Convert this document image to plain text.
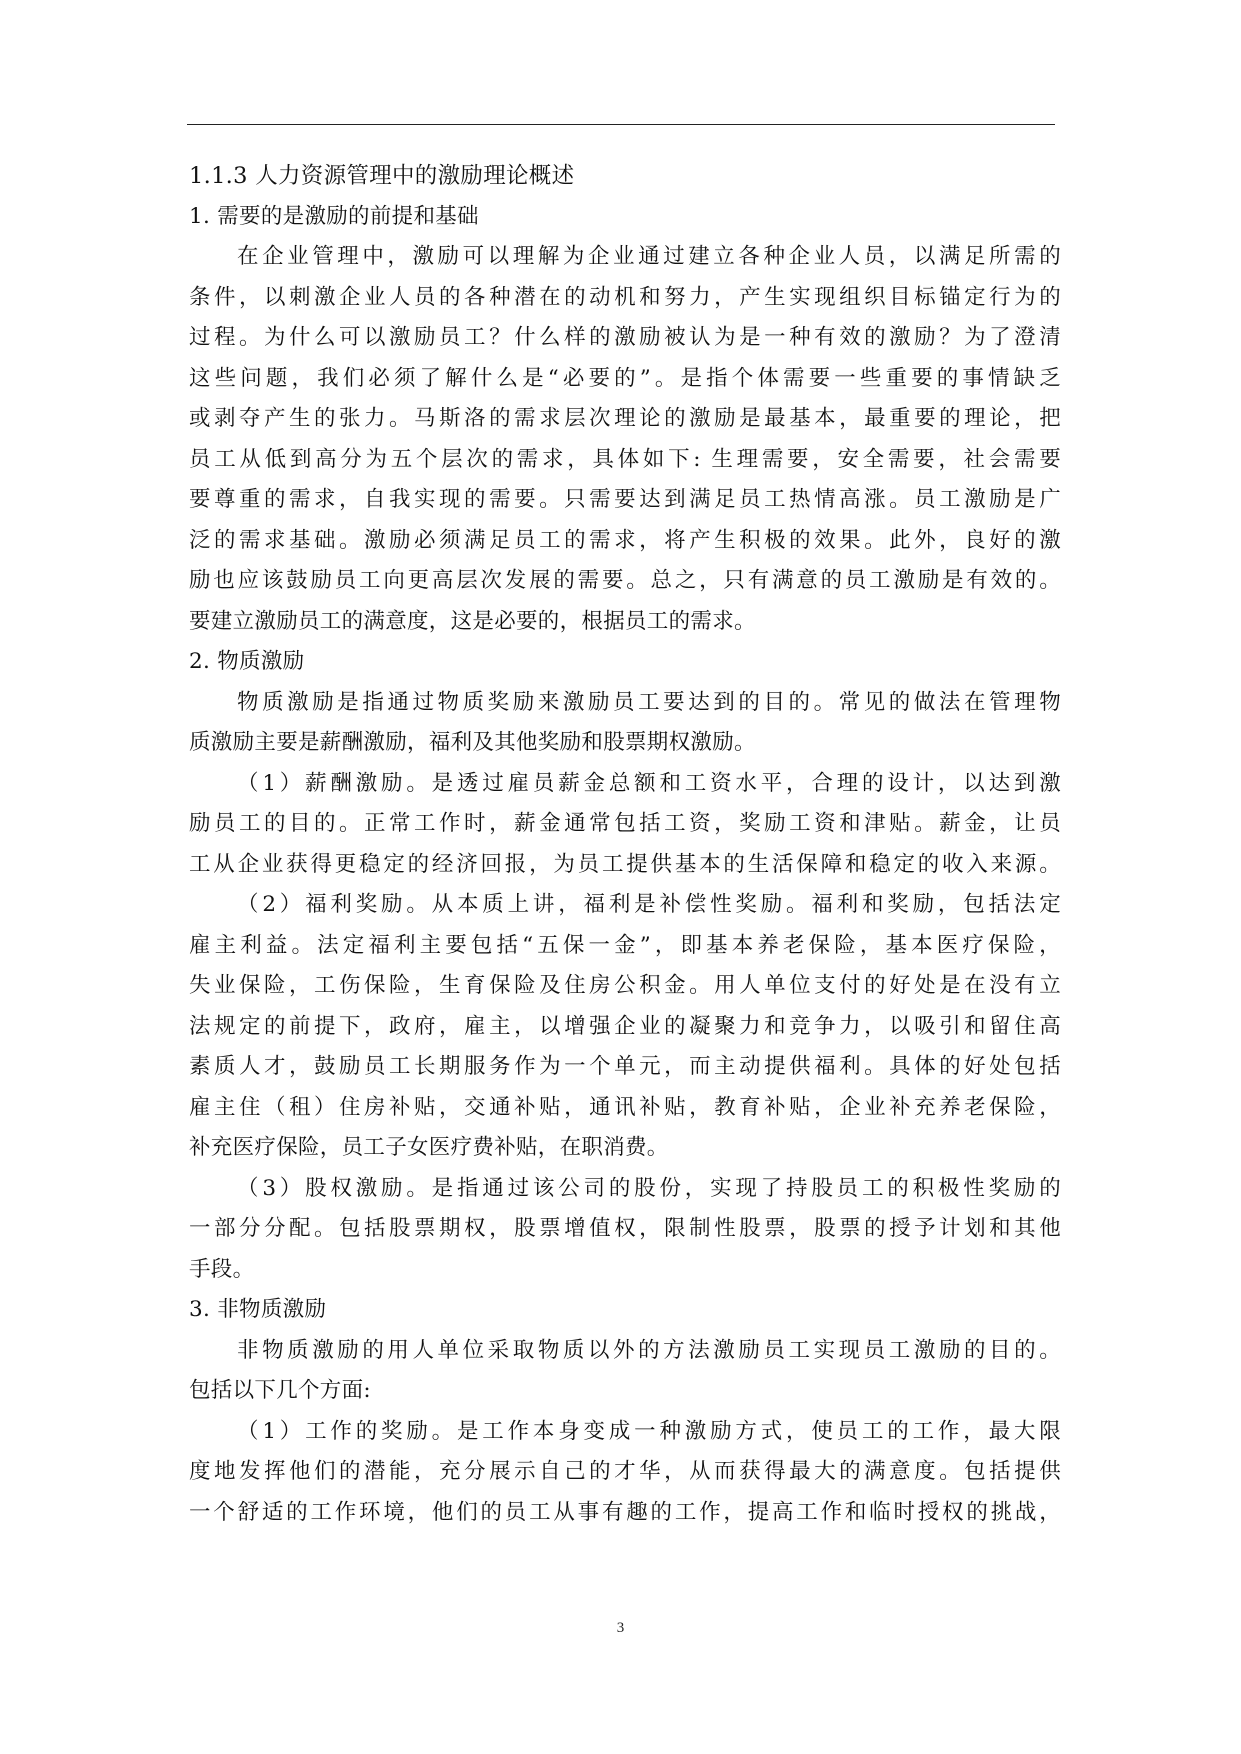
1.1.3 人力资源管理中的激励理论概述
1. 需要的是激励的前提和基础
在企业管理中，激励可以理解为企业通过建立各种企业人员，以满足所需的
条件，以刺激企业人员的各种潜在的动机和努力，产生实现组织目标锚定行为的
过程。为什么可以激励员工？什么样的激励被认为是一种有效的激励？为了澄清
这些问题，我们必须了解什么是“必要的”。是指个体需要一些重要的事情缺乏
或剥夺产生的张力。马斯洛的需求层次理论的激励是最基本，最重要的理论，把
员工从低到高分为五个层次的需求，具体如下: 生理需要，安全需要，社会需要
要尊重的需求，自我实现的需要。只需要达到满足员工热情高涨。员工激励是广
泛的需求基础。激励必须满足员工的需求，将产生积极的效果。此外，良好的激
励也应该鼓励员工向更高层次发展的需要。总之，只有满意的员工激励是有效的。
要建立激励员工的满意度，这是必要的，根据员工的需求。
2. 物质激励
物质激励是指通过物质奖励来激励员工要达到的目的。常见的做法在管理物
质激励主要是薪酬激励，福利及其他奖励和股票期权激励。
（1）薪酬激励。是透过雇员薪金总额和工资水平，合理的设计，以达到激
励员工的目的。正常工作时，薪金通常包括工资，奖励工资和津贴。薪金，让员
工从企业获得更稳定的经济回报，为员工提供基本的生活保障和稳定的收入来源。
（2）福利奖励。从本质上讲，福利是补偿性奖励。福利和奖励，包括法定
雇主利益。法定福利主要包括“五保一金”，即基本养老保险，基本医疗保险，
失业保险，工伤保险，生育保险及住房公积金。用人单位支付的好处是在没有立
法规定的前提下，政府，雇主，以增强企业的凝聚力和竞争力，以吸引和留住高
素质人才，鼓励员工长期服务作为一个单元，而主动提供福利。具体的好处包括
雇主住（租）住房补贴，交通补贴，通讯补贴，教育补贴，企业补充养老保险，
补充医疗保险，员工子女医疗费补贴，在职消费。
（3）股权激励。是指通过该公司的股份，实现了持股员工的积极性奖励的
一部分分配。包括股票期权，股票增值权，限制性股票，股票的授予计划和其他
手段。
3. 非物质激励
非物质激励的用人单位采取物质以外的方法激励员工实现员工激励的目的。
包括以下几个方面:
（1）工作的奖励。是工作本身变成一种激励方式，使员工的工作，最大限
度地发挥他们的潜能，充分展示自己的才华，从而获得最大的满意度。包括提供
一个舒适的工作环境，他们的员工从事有趣的工作，提高工作和临时授权的挑战，
3
